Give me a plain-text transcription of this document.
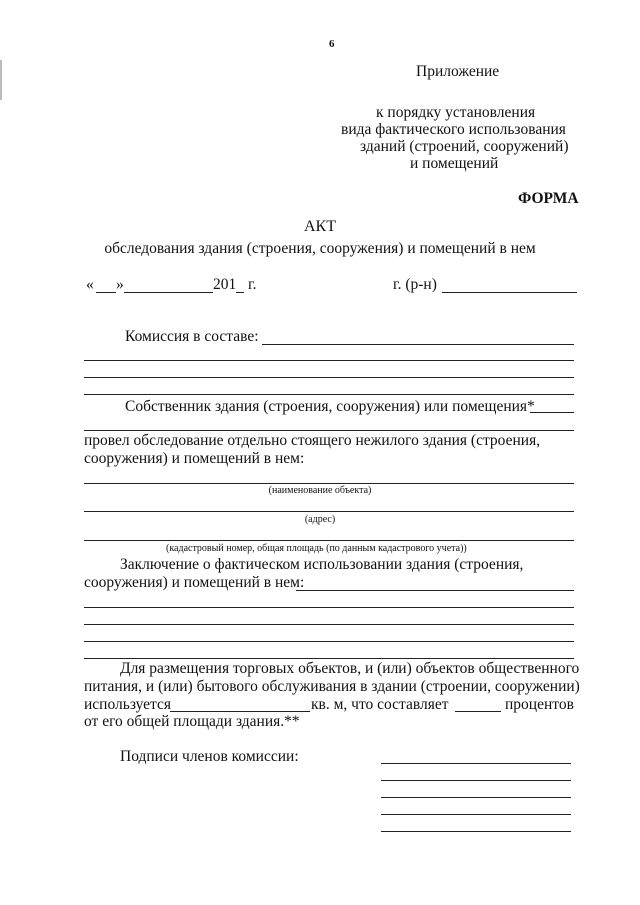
6
Приложение
к порядку установления
вида фактического использования
зданий (строений, сооружений)
и помещений
ФОРМА
АКТ
обследования здания (строения, сооружения) и помещений в нем
« »	201 г.	г. (р-н)
Комиссия в составе:
Собственник здания (строения, сооружения) или помещения*
провел обследование отдельно стоящего нежилого здания (строения,
сооружения) и помещений в нем:
(наименование объекта)
(адрес)
(кадастровый номер, общая площадь (по данным кадастрового учета))
Заключение о фактическом использовании здания (строения,
сооружения) и помещений в нем:
Для размещения торговых объектов, и (или) объектов общественного
питания, и (или) бытового обслуживания в здании (строении, сооружении)
используется	кв. м, что составляет	процентов
от его общей площади здания.**
Подписи членов комиссии:
